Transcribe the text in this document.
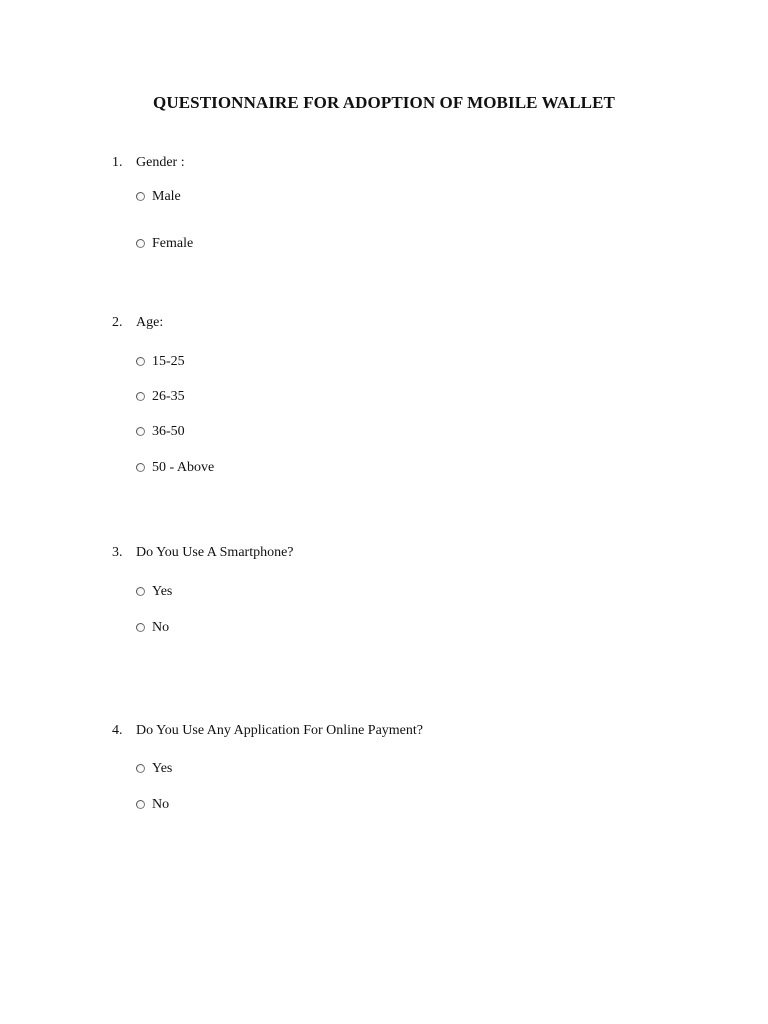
QUESTIONNAIRE FOR ADOPTION OF MOBILE WALLET
1. Gender :
Male
Female
2. Age:
15-25
26-35
36-50
50 - Above
3. Do You Use A Smartphone?
Yes
No
4. Do You Use Any Application For Online Payment?
Yes
No
